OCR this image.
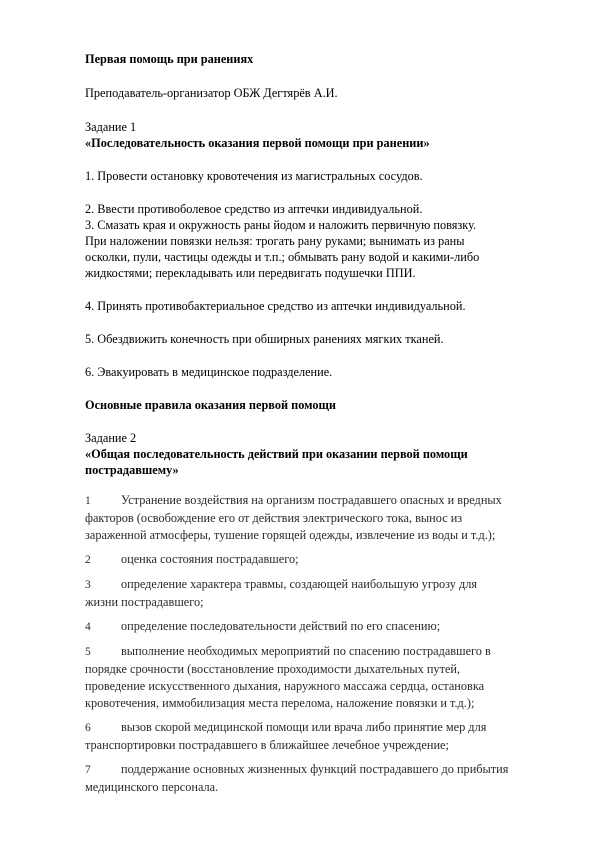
Первая помощь при ранениях

Преподаватель-организатор ОБЖ Дегтярёв А.И.

Задание 1

«Последовательность оказания первой помощи при ранении»

1. Провести остановку кровотечения из магистральных сосудов.

2. Ввести противоболевое средство из аптечки индивидуальной.

3. Смазать края и окружность раны йодом и наложить первичную повязку.
При наложении повязки нельзя: трогать рану руками; вынимать из раны
осколки, пули, частицы одежды и т.п.; обмывать рану водой и какими-либо
жидкостями; перекладывать или передвигать подушечки ППИ.

4. Принять противобактериальное средство из аптечки индивидуальной.

5. Обездвижить конечность при обширных ранениях мягких тканей.

6. Эвакуировать в медицинское подразделение.

Основные правила оказания первой помощи

Задание 2

«Общая последовательность действий при оказании первой помощи
пострадавшему»
1 Устранение воздействия на организм пострадавшего опасных и вредных
факторов (освобождение его от действия электрического тока, вынос из
зараженной атмосферы, тушение горящей одежды, извлечение из воды и т.д.);
2 оценка состояния пострадавшего;
3 определение характера травмы, создающей наибольшую угрозу для
жизни пострадавшего;
4 определение последовательности действий по его спасению;
5 выполнение необходимых мероприятий по спасению пострадавшего в
порядке срочности (восстановление проходимости дыхательных путей,
проведение искусственного дыхания, наружного массажа сердца, остановка
кровотечения, иммобилизация места перелома, наложение повязки и т.д.);
6 вызов скорой медицинской помощи или врача либо принятие мер для
транспортировки пострадавшего в ближайшее лечебное учреждение;
7 поддержание основных жизненных функций пострадавшего до прибытия
медицинского персонала.
